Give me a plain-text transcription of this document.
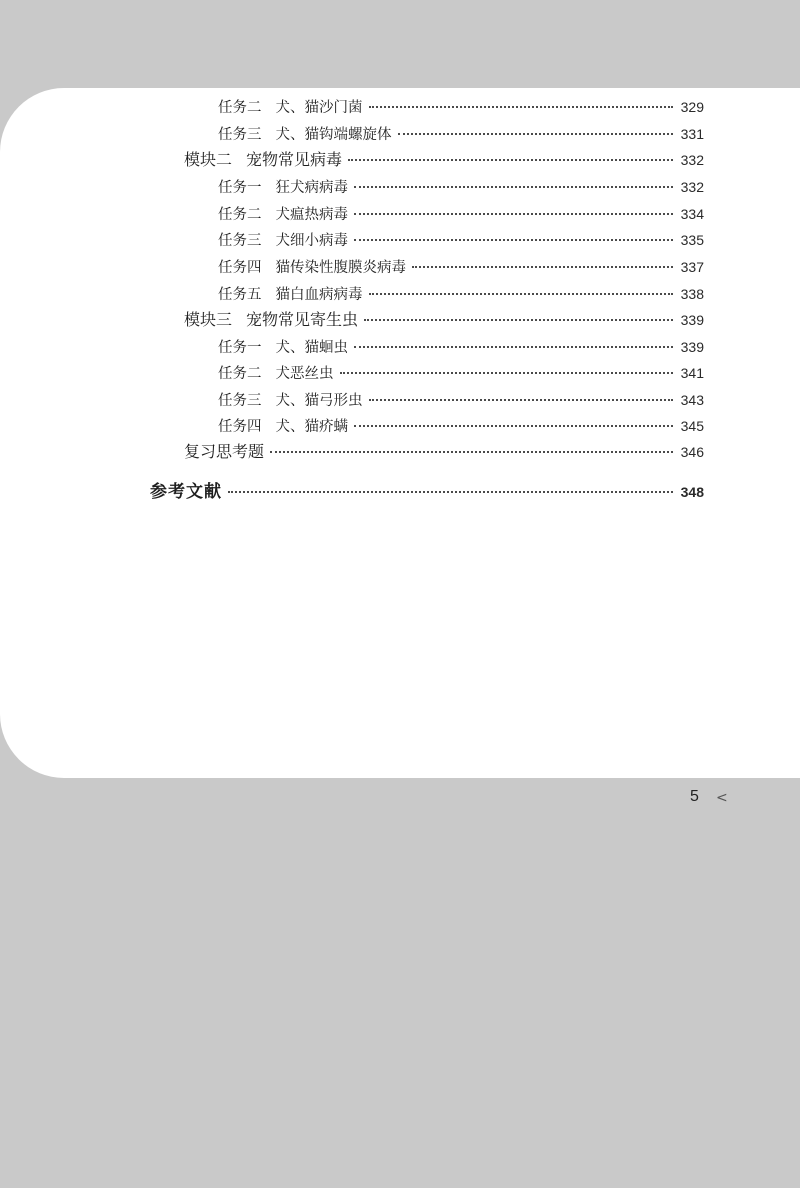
任务二 犬、猫沙门菌	329
任务三 犬、猫钩端螺旋体	331
模块二 宠物常见病毒	332
任务一 狂犬病病毒	332
任务二 犬瘟热病毒	334
任务三 犬细小病毒	335
任务四 猫传染性腹膜炎病毒	337
任务五 猫白血病病毒	338
模块三 宠物常见寄生虫	339
任务一 犬、猫蛔虫	339
任务二 犬恶丝虫	341
任务三 犬、猫弓形虫	343
任务四 犬、猫疥螨	345
复习思考题	346
参考文献	348
5 <
